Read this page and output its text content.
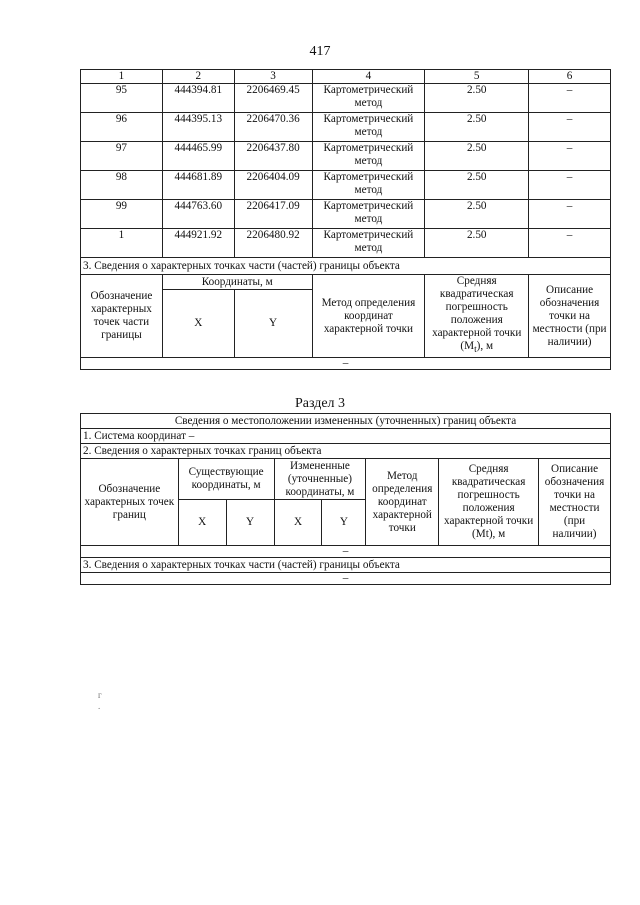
417
1	2	3	4	5	6
95	444394.81	2206469.45	Картометрический метод	2.50	–
96	444395.13	2206470.36	Картометрический метод	2.50	–
97	444465.99	2206437.80	Картометрический метод	2.50	–
98	444681.89	2206404.09	Картометрический метод	2.50	–
99	444763.60	2206417.09	Картометрический метод	2.50	–
1	444921.92	2206480.92	Картометрический метод	2.50	–
3. Сведения о характерных точках части (частей) границы объекта					
Обозначение характерных точек части границы	Координаты, м		Метод определения координат характерной точки	Средняя квадратическая погрешность положения характерной точки $(M_t)$, м	Описание обозначения точки на местности (при наличии)
	X	Y			
–					
Раздел 3
Сведения о местоположении измененных (уточненных) границ объекта							
1. Система координат –							
2. Сведения о характерных точках границ объекта							
Обозначение характерных точек границ	Существующие координаты, м		Измененные (уточненные) координаты, м		Метод определения координат характерной точки	Средняя квадратическая погрешность положения характерной точки (Mt), м	Описание обозначения точки на местности (при наличии)
	X	Y	X	Y			
–							
3. Сведения о характерных точках части (частей) границы объекта							
–							
г
.
